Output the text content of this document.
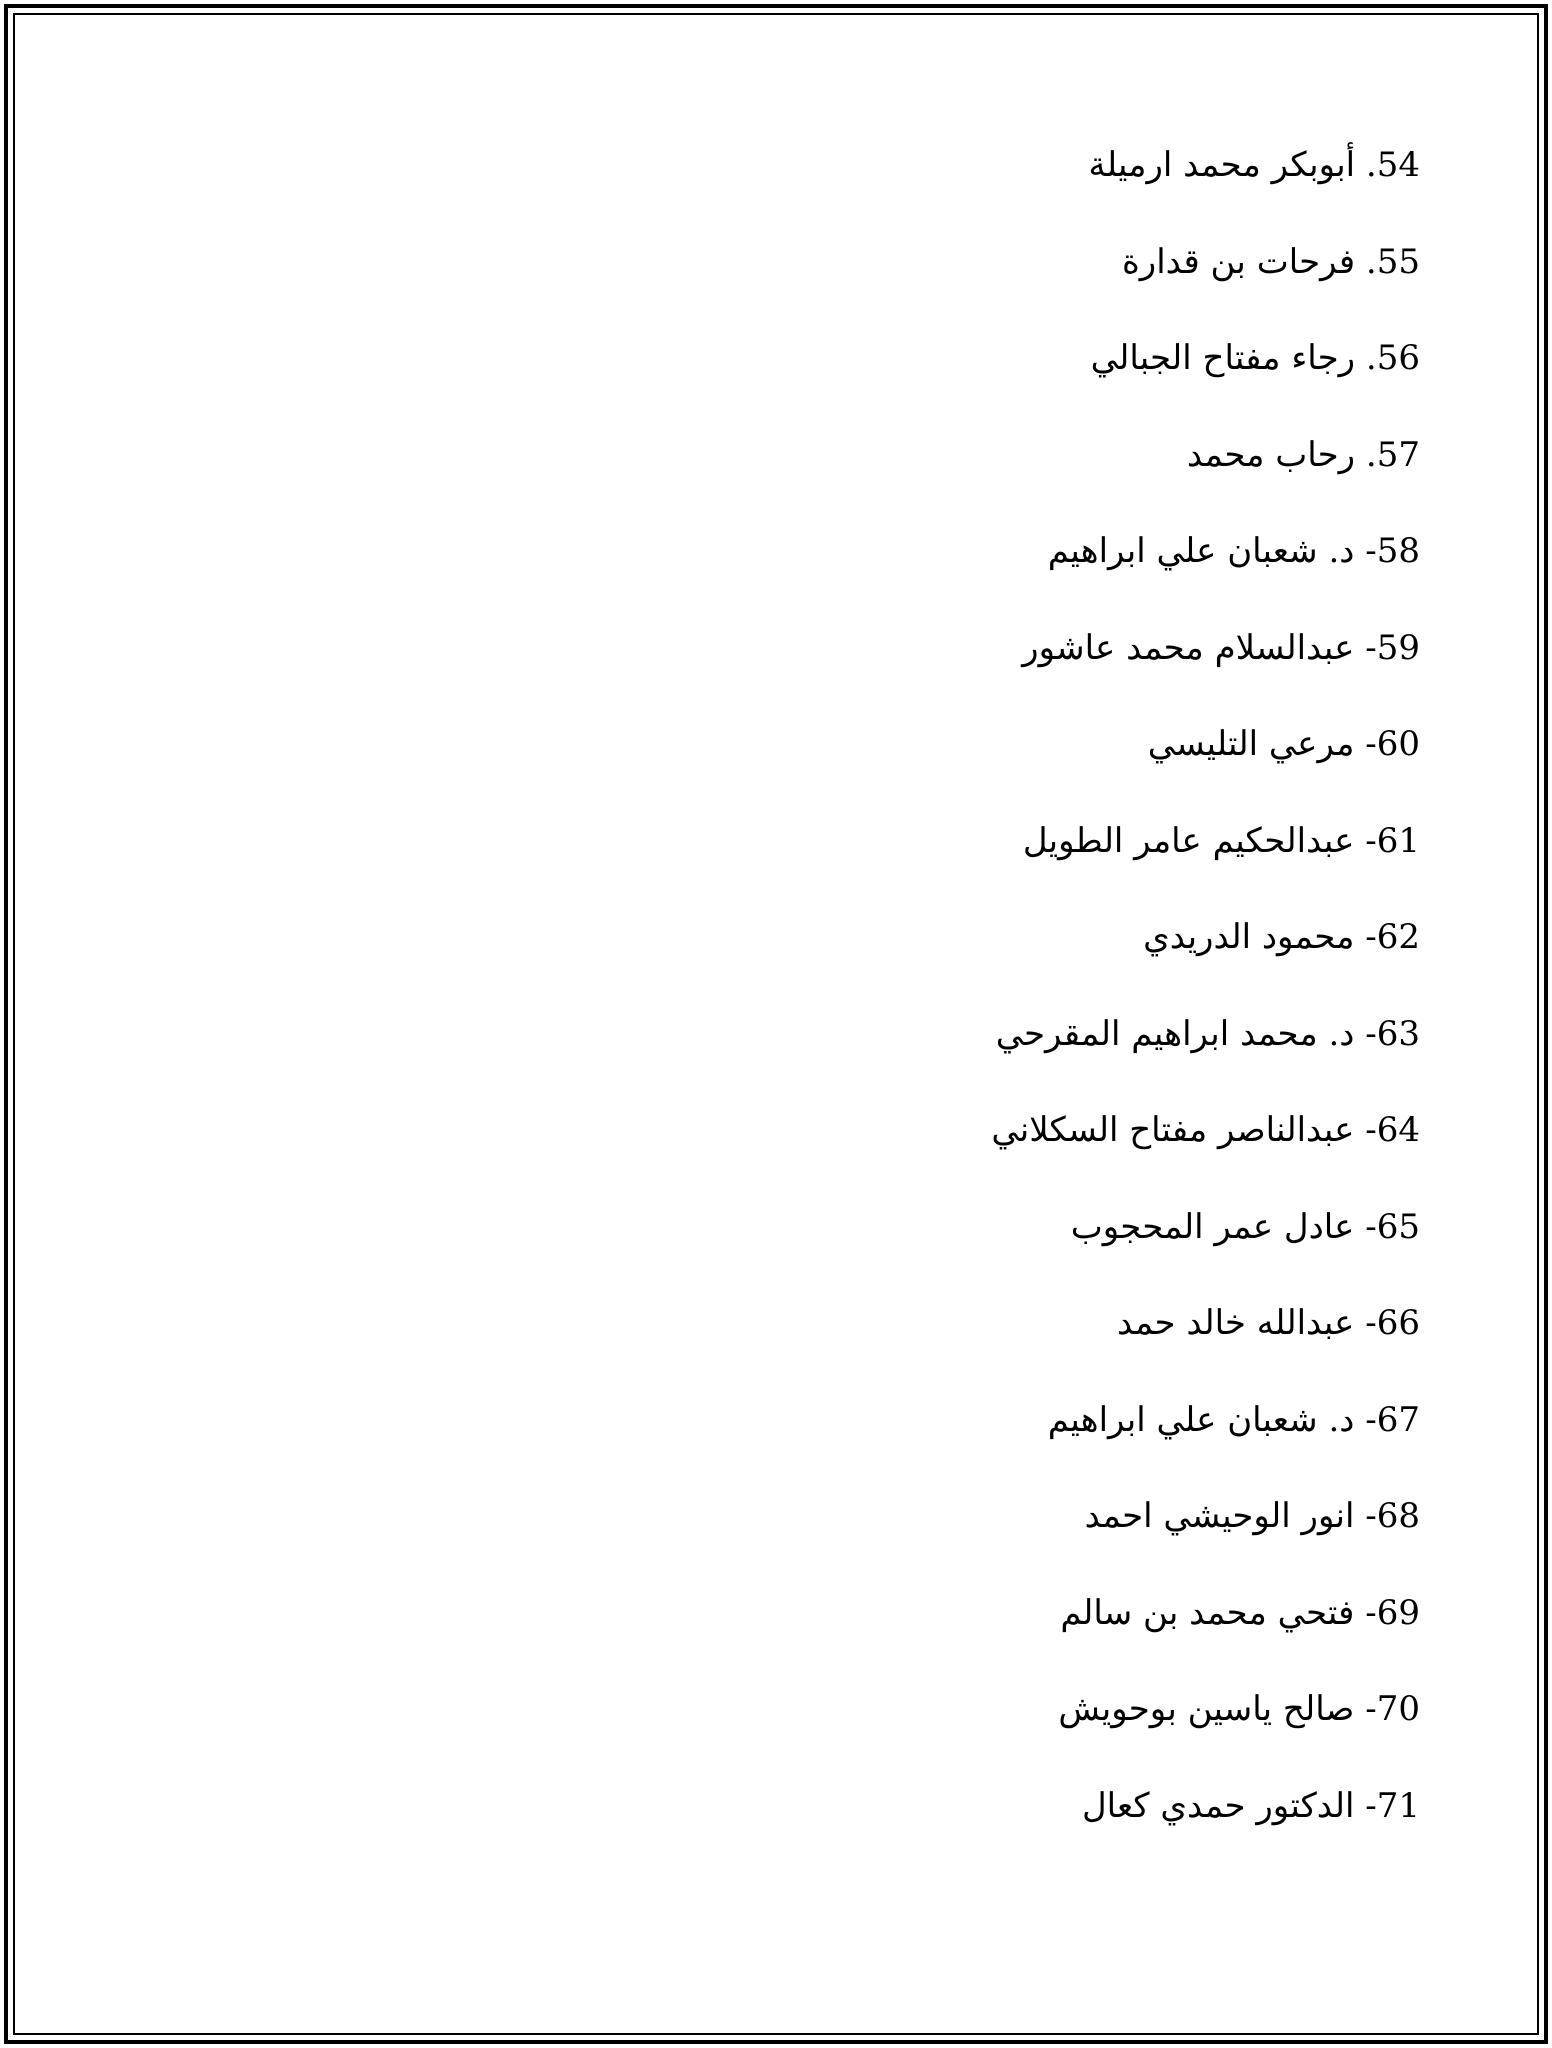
54. أبوبكر محمد ارميلة
55. فرحات بن قدارة
56. رجاء مفتاح الجبالي
57. رحاب محمد
58- د. شعبان علي ابراهيم
59- عبدالسلام محمد عاشور
60- مرعي التليسي
61- عبدالحكيم عامر الطويل
62- محمود الدريدي
63- د. محمد ابراهيم المقرحي
64- عبدالناصر مفتاح السكلاني
65- عادل عمر المحجوب
66- عبدالله خالد حمد
67- د. شعبان علي ابراهيم
68- انور الوحيشي احمد
69- فتحي محمد بن سالم
70- صالح ياسين بوحويش
71- الدكتور حمدي كعال
